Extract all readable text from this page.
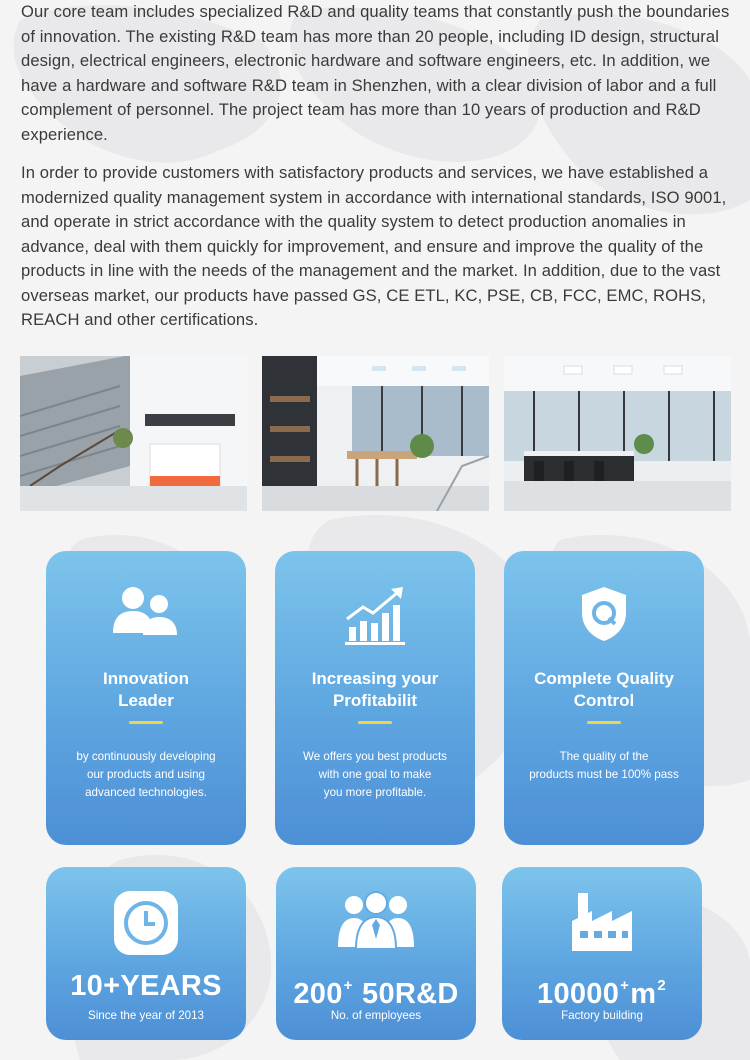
Our core team includes specialized R&D and quality teams that constantly push the boundaries of innovation. The existing R&D team has more than 20 people, including ID design, structural design, electrical engineers, electronic hardware and software engineers, etc. In addition, we have a hardware and software R&D team in Shenzhen, with a clear division of labor and a full complement of personnel. The project team has more than 10 years of production and R&D experience.

In order to provide customers with satisfactory products and services, we have established a modernized quality management system in accordance with international standards, ISO 9001, and operate in strict accordance with the quality system to detect production anomalies in advance, deal with them quickly for improvement, and ensure and improve the quality of the products in line with the needs of the management and the market. In addition, due to the vast overseas market, our products have passed GS, CE ETL, KC, PSE, CB, FCC, EMC, ROHS, REACH and other certifications.

Innovation
Leader
by continuously developing
our products and using
advanced technologies.
Increasing your
Profitabilit
We offers you best products
with one goal to make
you more profitable.
Complete Quality
Control
The quality of the
products must be 100% pass
10+YEARS
Since the year of 2013
200+ 50R&D
No. of employees
$10000^+m^2$
Factory building
